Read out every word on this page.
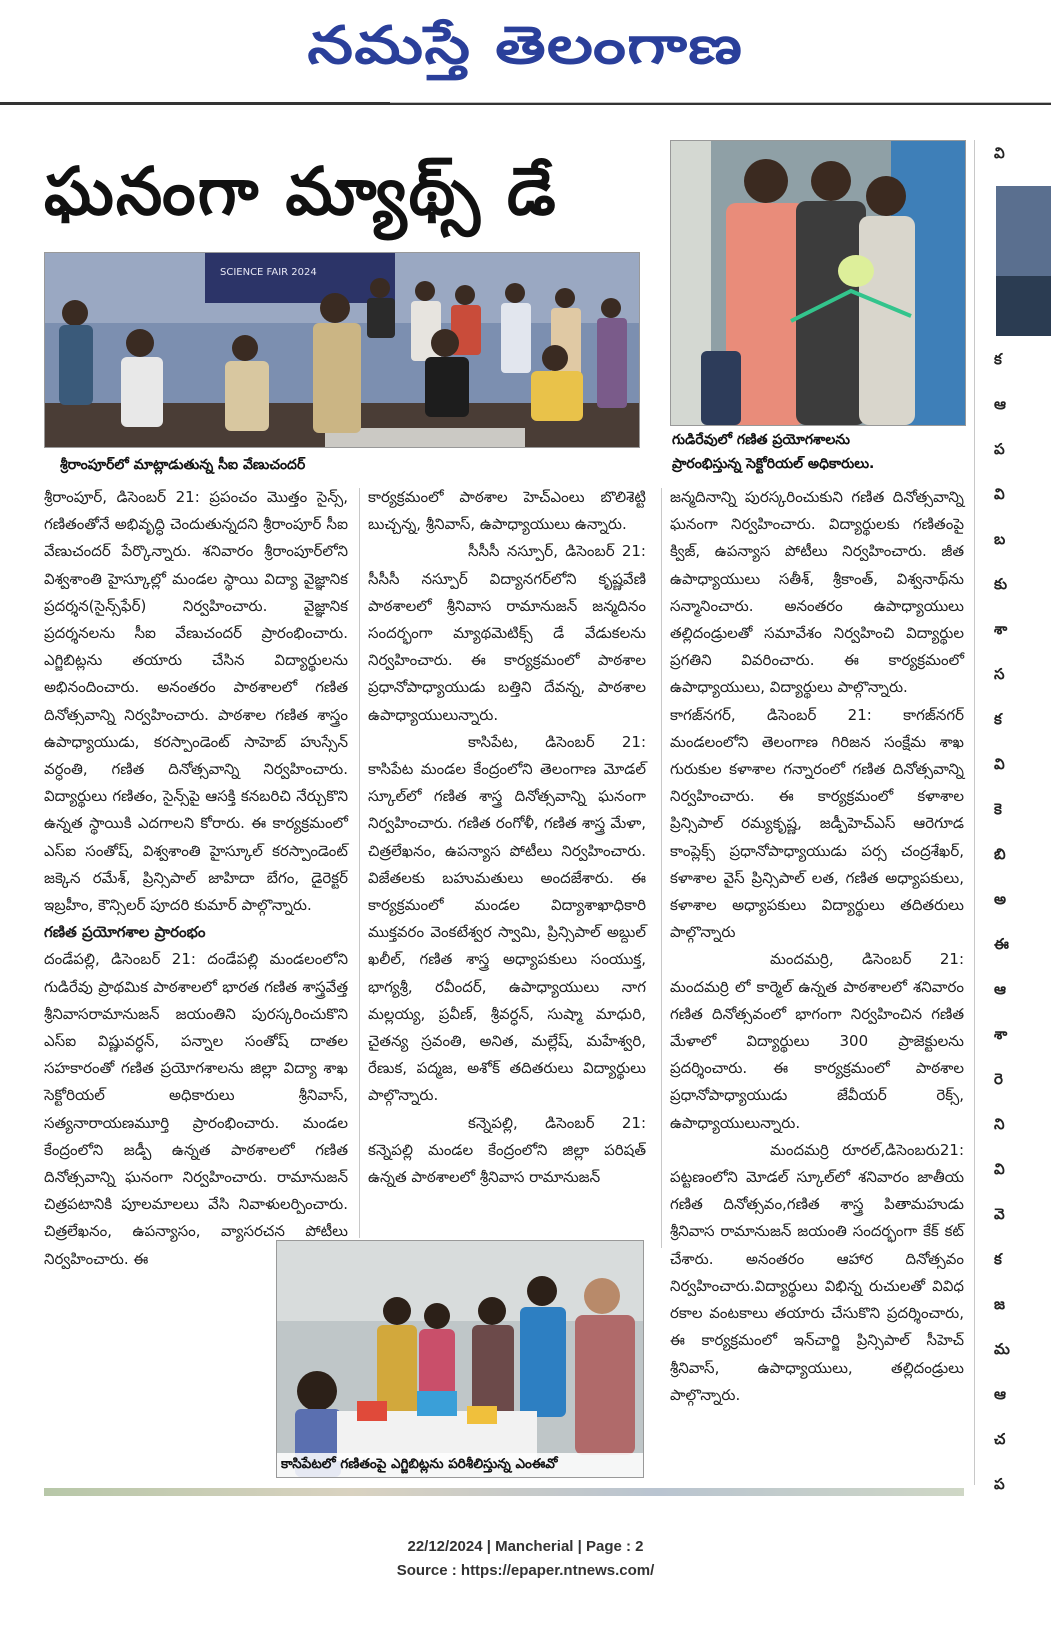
నమస్తే తెలంగాణ
ఘనంగా మ్యాథ్స్ డే
SCIENCE FAIR 2024
శ్రీరాంపూర్‌లో మాట్లాడుతున్న సీఐ వేణుచందర్
గుడిరేవులో గణిత ప్రయోగశాలను
ప్రారంభిస్తున్న సెక్టోరియల్ అధికారులు.

శ్రీరాంపూర్, డిసెంబర్ 21: ప్రపంచం మొత్తం సైన్స్, గణితంతోనే అభివృద్ధి చెందుతున్నదని శ్రీరాంపూర్ సీఐ వేణుచందర్ పేర్కొన్నారు. శనివారం శ్రీరాంపూర్‌లోని విశ్వశాంతి హైస్కూల్లో మండల స్థాయి విద్యా వైజ్ఞానిక ప్రదర్శన(సైన్స్‌ఫేర్) నిర్వహించారు. వైజ్ఞానిక ప్రదర్శనలను సీఐ వేణుచందర్ ప్రారంభించారు. ఎగ్జిబిట్లను తయారు చేసిన విద్యార్థులను అభినందించారు. అనంతరం పాఠశాలలో గణిత దినోత్సవాన్ని నిర్వహించారు. పాఠశాల గణిత శాస్త్రం ఉపాధ్యాయుడు, కరస్పాండెంట్ సాహెబ్ హుస్సేన్ వర్ధంతి, గణిత దినోత్సవాన్ని నిర్వహించారు. విద్యార్థులు గణితం, సైన్స్‌పై ఆసక్తి కనబరిచి నేర్చుకొని ఉన్నత స్థాయికి ఎదగాలని కోరారు. ఈ కార్యక్రమంలో ఎస్‌ఐ సంతోష్, విశ్వశాంతి హైస్కూల్ కరస్పాండెంట్ జక్కెన రమేశ్, ప్రిన్సిపాల్ జాహిదా బేగం, డైరెక్టర్ ఇబ్రహీం, కౌన్సిలర్ పూదరి కుమార్ పాల్గొన్నారు.

గణిత ప్రయోగశాల ప్రారంభం

దండేపల్లి, డిసెంబర్ 21: దండేపల్లి మండలంలోని గుడిరేవు ప్రాథమిక పాఠశాలలో భారత గణిత శాస్త్రవేత్త శ్రీనివాసరామానుజన్ జయంతిని పురస్కరించుకొని ఎస్‌ఐ విష్ణువర్ధన్, పన్నాల సంతోష్ దాతల సహకారంతో గణిత ప్రయోగశాలను జిల్లా విద్యా శాఖ సెక్టోరియల్ అధికారులు శ్రీనివాస్, సత్యనారాయణమూర్తి ప్రారంభించారు. మండల కేంద్రంలోని జడ్పీ ఉన్నత పాఠశాలలో గణిత దినోత్సవాన్ని ఘనంగా నిర్వహించారు. రామానుజన్ చిత్రపటానికి పూలమాలలు వేసి నివాళులర్పించారు. చిత్రలేఖనం, ఉపన్యాసం, వ్యాసరచన పోటీలు నిర్వహించారు. ఈ

కార్యక్రమంలో పాఠశాల హెచ్‌ఎంలు బొలిశెట్టి బుచ్చన్న, శ్రీనివాస్, ఉపాధ్యాయులు ఉన్నారు.

సీసీసీ నస్పూర్, డిసెంబర్ 21: సీసీసీ నస్పూర్ విద్యానగర్‌లోని కృష్ణవేణి పాఠశాలలో శ్రీనివాస రామానుజన్ జన్మదినం సందర్భంగా మ్యాథమెటిక్స్ డే వేడుకలను నిర్వహించారు. ఈ కార్యక్రమంలో పాఠశాల ప్రధానోపాధ్యాయుడు బత్తిని దేవన్న, పాఠశాల ఉపాధ్యాయులున్నారు.

కాసిపేట, డిసెంబర్ 21: కాసిపేట మండల కేంద్రంలోని తెలంగాణ మోడల్ స్కూల్‌లో గణిత శాస్త్ర దినోత్సవాన్ని ఘనంగా నిర్వహించారు. గణిత రంగోళీ, గణిత శాస్త్ర మేళా, చిత్రలేఖనం, ఉపన్యాస పోటీలు నిర్వహించారు. విజేతలకు బహుమతులు అందజేశారు. ఈ కార్యక్రమంలో మండల విద్యాశాఖాధికారి ముక్తవరం వెంకటేశ్వర స్వామి, ప్రిన్సిపాల్ అబ్దుల్ ఖలీల్, గణిత శాస్త్ర అధ్యాపకులు సంయుక్త, భాగ్యశ్రీ, రవీందర్, ఉపాధ్యాయులు నాగ మల్లయ్య, ప్రవీణ్, శ్రీవర్ధన్, సుష్మా మాధురి, చైతన్య స్రవంతి, అనిత, మల్లేష్, మహేశ్వరి, రేణుక, పద్మజ, అశోక్ తదితరులు విద్యార్థులు పాల్గొన్నారు.

కన్నెపల్లి, డిసెంబర్ 21: కన్నెపల్లి మండల కేంద్రంలోని జిల్లా పరిషత్ ఉన్నత పాఠశాలలో శ్రీనివాస రామానుజన్

కాసిపేటలో గణితంపై ఎగ్జిబిట్లను పరిశీలిస్తున్న ఎంఈవో

జన్మదినాన్ని పురస్కరించుకుని గణిత దినోత్సవాన్ని ఘనంగా నిర్వహించారు. విద్యార్థులకు గణితంపై క్విజ్, ఉపన్యాస పోటీలు నిర్వహించారు. జీత ఉపాధ్యాయులు సతీశ్, శ్రీకాంత్, విశ్వనాథ్‌ను సన్మానించారు. అనంతరం ఉపాధ్యాయులు తల్లిదండ్రులతో సమావేశం నిర్వహించి విద్యార్థుల ప్రగతిని వివరించారు. ఈ కార్యక్రమంలో ఉపాధ్యాయులు, విద్యార్థులు పాల్గొన్నారు.

కాగజ్‌నగర్, డిసెంబర్ 21: కాగజ్‌నగర్ మండలంలోని తెలంగాణ గిరిజన సంక్షేమ శాఖ గురుకుల కళాశాల గన్నారంలో గణిత దినోత్సవాన్ని నిర్వహించారు. ఈ కార్యక్రమంలో కళాశాల ప్రిన్సిపాల్ రమ్యకృష్ణ, జడ్పీహెచ్‌ఎస్ ఆరెగూడ కాంప్లెక్స్ ప్రధానోపాధ్యాయుడు పర్స చంద్రశేఖర్, కళాశాల వైస్ ప్రిన్సిపాల్ లత, గణిత అధ్యాపకులు, కళాశాల అధ్యాపకులు విద్యార్థులు తదితరులు పాల్గొన్నారు

మందమర్రి, డిసెంబర్ 21: మందమర్రి లో కార్మెల్ ఉన్నత పాఠశాలలో శనివారం గణిత దినోత్సవంలో భాగంగా నిర్వహించిన గణిత మేళాలో విద్యార్థులు 300 ప్రాజెక్టులను ప్రదర్శించారు. ఈ కార్యక్రమంలో పాఠశాల ప్రధానోపాధ్యాయుడు జేవీయర్ రెక్స్, ఉపాధ్యాయులున్నారు.

మందమర్రి రూరల్,డిసెంబరు21: పట్టణంలోని మోడల్ స్కూల్‌లో శనివారం జాతీయ గణిత దినోత్సవం,గణిత శాస్త్ర పితామహుడు శ్రీనివాస రామానుజన్ జయంతి సందర్భంగా కేక్ కట్ చేశారు. అనంతరం ఆహార దినోత్సవం నిర్వహించారు.విద్యార్థులు విభిన్న రుచులతో వివిధ రకాల వంటకాలు తయారు చేసుకొని ప్రదర్శించారు, ఈ కార్యక్రమంలో ఇన్‌చార్జి ప్రిన్సిపాల్ సీహెచ్ శ్రీనివాస్, ఉపాధ్యాయులు, తల్లిదండ్రులు పాల్గొన్నారు.

వి
క
ఆ
ప
వి
బ
కు
శా
స
క
వి
కె
బి
అ
ఈ
ఆ
శా
రె
ని
వి
వె
క
జ
మ
ఆ
చ
ప
22/12/2024 | Mancherial | Page : 2
Source : https://epaper.ntnews.com/
